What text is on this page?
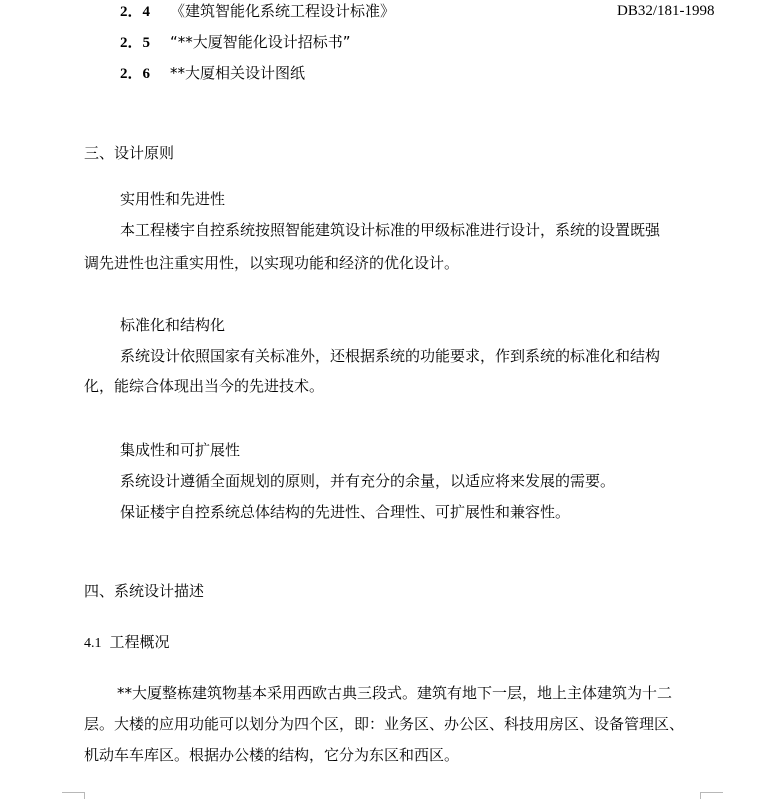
2．4 《建筑智能化系统工程设计标准》	DB32/181-1998
2．5 “**大厦智能化设计招标书”
2．6 **大厦相关设计图纸
三、设计原则
实用性和先进性
本工程楼宇自控系统按照智能建筑设计标准的甲级标准进行设计，系统的设置既强
调先进性也注重实用性，以实现功能和经济的优化设计。
标准化和结构化
系统设计依照国家有关标准外，还根据系统的功能要求，作到系统的标准化和结构
化，能综合体现出当今的先进技术。
集成性和可扩展性
系统设计遵循全面规划的原则，并有充分的余量，以适应将来发展的需要。
保证楼宇自控系统总体结构的先进性、合理性、可扩展性和兼容性。
四、系统设计描述
4.1 工程概况
**大厦整栋建筑物基本采用西欧古典三段式。建筑有地下一层，地上主体建筑为十二
层。大楼的应用功能可以划分为四个区，即：业务区、办公区、科技用房区、设备管理区、
机动车车库区。根据办公楼的结构，它分为东区和西区。
